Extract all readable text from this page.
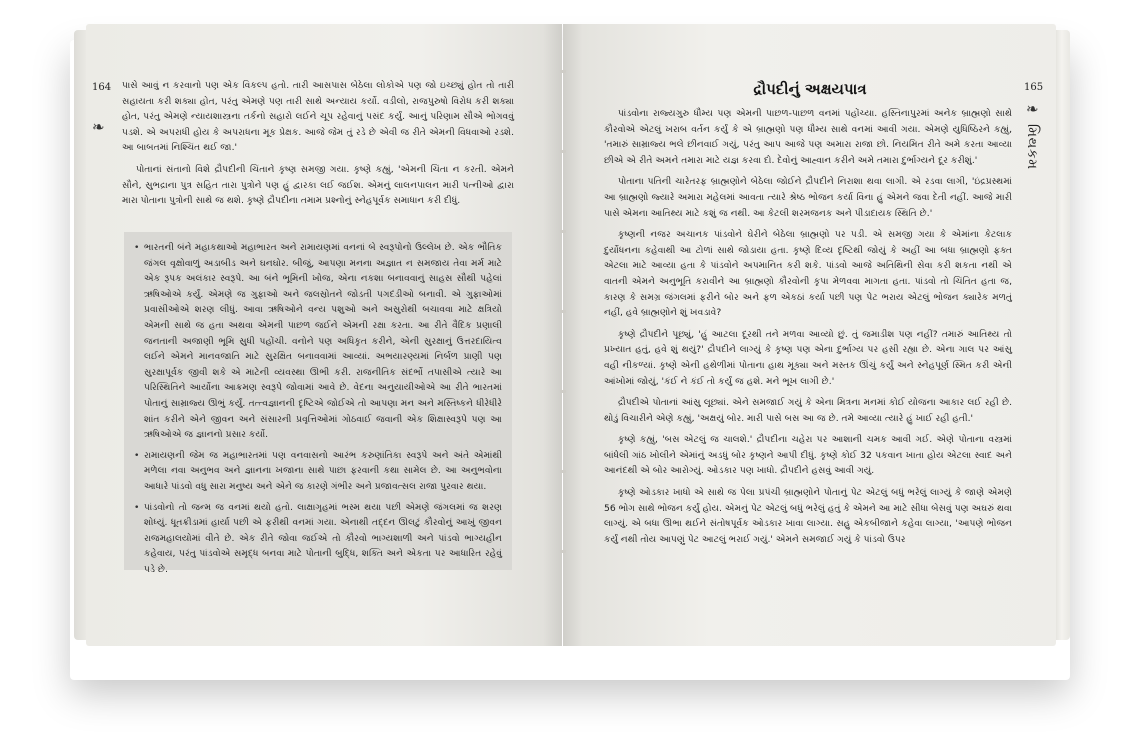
164
❧

પાસે આવું ન કરવાનો પણ એક વિકલ્પ હતો. તારી આસપાસ બેઠેલા લોકોએ પણ જો ઇચ્છ્યું હોત તો તારી સહાયતા કરી શક્યા હોત, પરંતુ એમણે પણ તારી સાથે અન્યાય કર્યો. વડીલો, રાજપુરુષો વિરોધ કરી શક્યા હોત, પરંતુ એમણે ન્યાયશાસ્ત્રના તર્કનો સહારો લઈને ચૂપ રહેવાનું પસંદ કર્યું. આનું પરિણામ સૌએ ભોગવવું પડશે. એ અપરાધી હોય કે અપરાધના મૂક પ્રેક્ષક. આજે જેમ તું રડે છે એવી જ રીતે એમની વિધવાઓ રડશે. આ બાબતમાં નિશ્ચિંત થઈ જા.'

પોતાનાં સંતાનો વિશે દ્રૌપદીની ચિંતાને કૃષ્ણ સમજી ગયા. કૃષ્ણે કહ્યું, 'એમની ચિંતા ન કરતી. એમને સૌને, સુભદ્રાના પુત્ર સહિત તારા પુત્રોને પણ હું દ્વારકા લઈ જઈશ. એમનું લાલનપાલન મારી પત્નીઓ દ્વારા મારા પોતાના પુત્રોની સાથે જ થશે. કૃષ્ણે દ્રૌપદીના તમામ પ્રશ્નોનું સ્નેહપૂર્વક સમાધાન કરી દીધું.

• ભારતની બંને મહાકથાઓ મહાભારત અને રામાયણમાં વનનાં બે સ્વરૂપોનો ઉલ્લેખ છે. એક ભૌતિક જંગલ વૃક્ષોવાળું અડાબીડ અને ઘનઘોર. બીજું, આપણા મનના અજ્ઞાત ન સમજાય તેવા મર્મ માટે એક રૂપક અલંકાર સ્વરૂપે. આ બંને ભૂમિની ખોજ, એના નકશા બનાવવાનું સાહસ સૌથી પહેલાં ઋષિઓએ કર્યું. એમણે જ ગુફાઓ અને જલસ્રોતને જોડતી પગદંડીઓ બનાવી. એ ગુફાઓમાં પ્રવાસીઓએ શરણ લીધું. આવા ઋષિઓને વન્ય પશુઓ અને અસુરોથી બચાવવા માટે ક્ષત્રિયો એમની સાથે જ હતા અથવા એમની પાછળ જઈને એમની રક્ષા કરતા. આ રીતે વૈદિક પ્રણાલી જનતાની અજાણી ભૂમિ સુધી પહોંચી. વનોને પણ અધિકૃત કરીને, એની સુરક્ષાનું ઉત્તરદાયિત્વ લઈને એમને માનવજાતિ માટે સુરક્ષિત બનાવવામાં આવ્યાં. અભયારણ્યમાં નિર્બળ પ્રાણી પણ સુરક્ષાપૂર્વક જીવી શકે એ માટેની વ્યવસ્થા ઊભી કરી. રાજનીતિક સંદર્ભો તપાસીએ ત્યારે આ પરિસ્થિતિને આર્યોના આક્રમણ સ્વરૂપે જોવામાં આવે છે. વેદના અનુયાયીઓએ આ રીતે ભારતમાં પોતાનું સામ્રાજ્ય ઊભું કર્યું. તત્ત્વજ્ઞાનની દૃષ્ટિએ જોઈએ તો આપણા મન અને મસ્તિષ્કને ધીરેધીરે શાંત કરીને એને જીવન અને સંસારની પ્રવૃત્તિઓમાં ગોઠવાઈ જવાની એક શિક્ષાસ્વરૂપે પણ આ ઋષિઓએ જ જ્ઞાનનો પ્રસાર કર્યો.
• રામાયણની જેમ જ મહાભારતમાં પણ વનવાસનો આરંભ કરુણાંતિકા સ્વરૂપે અને અંતે એમાંથી મળેલા નવા અનુભવ અને જ્ઞાનના ખજાના સાથે પાછા ફરવાની કથા સામેલ છે. આ અનુભવોના આધારે પાંડવો વધુ સારા મનુષ્ય અને એને જ કારણે ગંભીર અને પ્રજાવત્સલ રાજા પુરવાર થયા.
• પાંડવોનો તો જન્મ જ વનમાં થયો હતો. લાક્ષાગૃહમાં ભસ્મ થયા પછી એમણે જંગલમાં જ શરણ શોધ્યું. ધૂતક્રીડામાં હાર્યા પછી એ ફરીથી વનમાં ગયા. એનાથી તદ્દન ઊલટું કૌરવોનું આખું જીવન રાજમહાલયોમાં વીતે છે. એક રીતે જોવા જઈએ તો કૌરવો ભાગ્યશાળી અને પાંડવો ભાગ્યહીન કહેવાય, પરંતુ પાંડવોએ સમૃદ્ધ બનવા માટે પોતાની બુદ્ધિ, શક્તિ અને એકતા પર આધારિત રહેવું પડે છે.
દ્રૌપદીનું અક્ષયપાત્ર	165
❧
મિથકમ

પાંડવોના રાજ્યગુરુ ધૌમ્ય પણ એમની પાછળ-પાછળ વનમાં પહોંચ્યા. હસ્તિનાપુરમાં અનેક બ્રાહ્મણો સાથે કૌરવોએ એટલું ખરાબ વર્તન કર્યું કે એ બ્રાહ્મણો પણ ધૌમ્ય સાથે વનમાં આવી ગયા. એમણે યુધિષ્ઠિરને કહ્યું, 'તમારું સામ્રાજ્ય ભલે છીનવાઈ ગયું, પરંતુ આપ આજે પણ અમારા રાજા છો. નિયમિત રીતે અમે કરતા આવ્યા છીએ એ રીતે અમને તમારા માટે યજ્ઞ કરવા દો. દેવોનું આહ્વાન કરીને અમે તમારા દુર્ભાગ્યને દૂર કરીશું.'

પોતાના પતિની ચારેતરફ બ્રાહ્મણોને બેઠેલા જોઈને દ્રૌપદીને નિરાશા થવા લાગી. એ રડવા લાગી, 'ઇંદ્રપ્રસ્થમાં આ બ્રાહ્મણો જ્યારે અમારા મહેલમાં આવતા ત્યારે શ્રેષ્ઠ ભોજન કર્યા વિના હું એમને જવા દેતી નહીં. આજે મારી પાસે એમના આતિથ્ય માટે કશું જ નથી. આ કેટલી શરમજનક અને પીડાદાયક સ્થિતિ છે.'

કૃષ્ણની નજર અચાનક પાંડવોને ઘેરીને બેઠેલા બ્રાહ્મણો પર પડી. એ સમજી ગયા કે એમાંના કેટલાક દુર્યોધનના કહેવાથી આ ટોળાં સાથે જોડાયા હતા. કૃષ્ણે દિવ્ય દૃષ્ટિથી જોયું કે અહીં આ બધા બ્રાહ્મણો ફક્ત એટલા માટે આવ્યા હતા કે પાંડવોને અપમાનિત કરી શકે. પાંડવો આજે અતિથિની સેવા કરી શકતા નથી એ વાતની એમને અનુભૂતિ કરાવીને આ બ્રાહ્મણો કૌરવોની કૃપા મેળવવા માગતા હતા. પાંડવો તો ચિંતિત હતા જ, કારણ કે સમગ્ર જંગલમાં ફરીને બોર અને ફળ એકઠાં કર્યા પછી પણ પેટ ભરાય એટલું ભોજન ક્યારેક મળતું નહીં, હવે બ્રાહ્મણોને શું ખવડાવે?

કૃષ્ણે દ્રૌપદીને પૂછ્યું, 'હું આટલા દૂરથી તને મળવા આવ્યો છું. તું જમાડીશ પણ નહીં? તમારું આતિથ્ય તો પ્રખ્યાત હતું, હવે શું થયું?' દ્રૌપદીને લાગ્યું કે કૃષ્ણ પણ એના દુર્ભાગ્ય પર હસી રહ્યા છે. એના ગાલ પર આંસુ વહી નીકળ્યાં. કૃષ્ણે એની હથેળીમાં પોતાના હાથ મૂક્યા અને મસ્તક ઊંચું કર્યું અને સ્નેહપૂર્ણ સ્મિત કરી એની આંખોમાં જોયું, 'કંઈ ને કંઈ તો કર્યું જ હશે. મને ભૂખ લાગી છે.'

દ્રૌપદીએ પોતાનાં આંસુ લૂછ્યાં. એને સમજાઈ ગયું કે એના મિત્રના મનમાં કોઈ યોજના આકાર લઈ રહી છે. થોડું વિચારીને એણે કહ્યું, 'અક્ષયું બોર. મારી પાસે બસ આ જ છે. તમે આવ્યા ત્યારે હું ખાઈ રહી હતી.'

કૃષ્ણે કહ્યું, 'બસ એટલું જ ચાલશે.' દ્રૌપદીના ચહેરા પર આશાની ચમક આવી ગઈ. એણે પોતાના વસ્ત્રમાં બાંધેલી ગાંઠ ખોલીને એમાંનું અડધું બોર કૃષ્ણને આપી દીધું. કૃષ્ણે કોઈ 32 પકવાન ખાતા હોય એટલા સ્વાદ અને આનંદથી એ બોર આરોગ્યું. ઓડકાર પણ ખાધો. દ્રૌપદીને હસવું આવી ગયું.

કૃષ્ણે ઓડકાર ખાધો એ સાથે જ પેલા પ્રપંચી બ્રાહ્મણોને પોતાનું પેટ એટલું બધું ભરેલું લાગ્યું કે જાણે એમણે 56 ભોગ સાથે ભોજન કર્યું હોય. એમનું પેટ એટલું બધું ભરેલું હતું કે એમને આ માટે સીધા બેસવું પણ અઘરું થવા લાગ્યું. એ બધા ઊભા થઈને સંતોષપૂર્વક ઓડકાર ખાવા લાગ્યા. સહુ એકબીજાને કહેવા લાગ્યા, 'આપણે ભોજન કર્યું નથી તોય આપણું પેટ આટલું ભરાઈ ગયું.' એમને સમજાઈ ગયું કે પાંડવો ઉપર
